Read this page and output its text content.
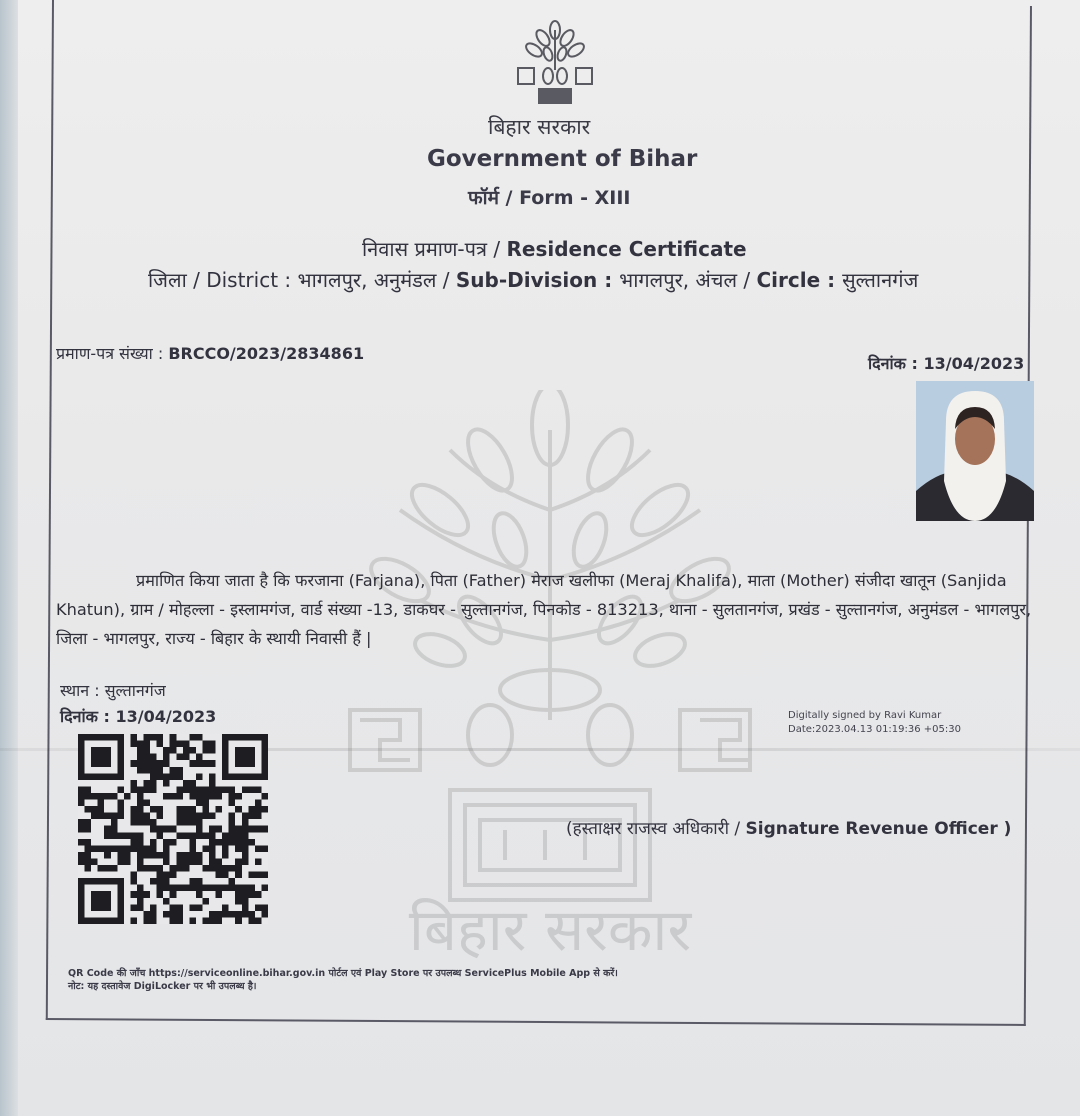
बिहार सरकार
बिहार सरकार
Government of Bihar
फॉर्म / Form - XIII
निवास प्रमाण-पत्र / Residence Certificate
जिला / District : भागलपुर, अनुमंडल / Sub-Division : भागलपुर, अंचल / Circle : सुल्तानगंज
प्रमाण-पत्र संख्या : BRCCO/2023/2834861
दिनांक : 13/04/2023
प्रमाणित किया जाता है कि फरजाना (Farjana), पिता (Father) मेराज खलीफा (Meraj Khalifa), माता (Mother) संजीदा खातून (Sanjida Khatun), ग्राम / मोहल्ला - इस्लामगंज, वार्ड संख्या -13, डाकघर - सुल्तानगंज, पिनकोड - 813213, थाना - सुलतानगंज, प्रखंड - सुल्तानगंज, अनुमंडल - भागलपुर, जिला - भागलपुर, राज्य - बिहार के स्थायी निवासी हैं |
स्थान : सुल्तानगंज
दिनांक : 13/04/2023	Digitally signed by Ravi Kumar
Date:2023.04.13 01:19:36 +05:30
(हस्ताक्षर राजस्व अधिकारी / Signature Revenue Officer )
QR Code की जाँच https://serviceonline.bihar.gov.in पोर्टल एवं Play Store पर उपलब्ध ServicePlus Mobile App से करें।
नोट: यह दस्तावेज DigiLocker पर भी उपलब्ध है।
